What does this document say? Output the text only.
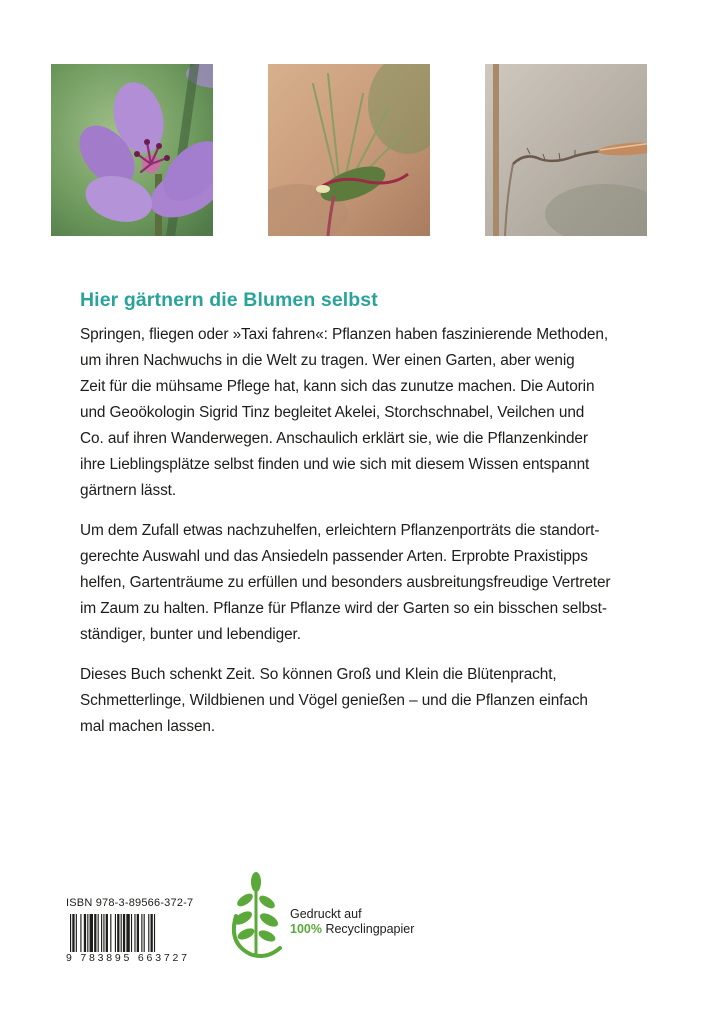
Hier gärtnern die Blumen selbst

Springen, fliegen oder »Taxi fahren«: Pflanzen haben faszinierende Methoden,
um ihren Nachwuchs in die Welt zu tragen. Wer einen Garten, aber wenig
Zeit für die mühsame Pflege hat, kann sich das zunutze machen. Die Autorin
und Geoökologin Sigrid Tinz begleitet Akelei, Storchschnabel, Veilchen und
Co. auf ihren Wanderwegen. Anschaulich erklärt sie, wie die Pflanzenkinder
ihre Lieblingsplätze selbst finden und wie sich mit diesem Wissen entspannt
gärtnern lässt.

Um dem Zufall etwas nachzuhelfen, erleichtern Pflanzenporträts die standort-
gerechte Auswahl und das Ansiedeln passender Arten. Erprobte Praxistipps
helfen, Gartenträume zu erfüllen und besonders ausbreitungsfreudige Vertreter
im Zaum zu halten. Pflanze für Pflanze wird der Garten so ein bisschen selbst-
ständiger, bunter und lebendiger.

Dieses Buch schenkt Zeit. So können Groß und Klein die Blütenpracht,
Schmetterlinge, Wildbienen und Vögel genießen – und die Pflanzen einfach
mal machen lassen.

ISBN 978-3-89566-372-7
9 783895 663727
Gedruckt auf
100% Recyclingpapier
